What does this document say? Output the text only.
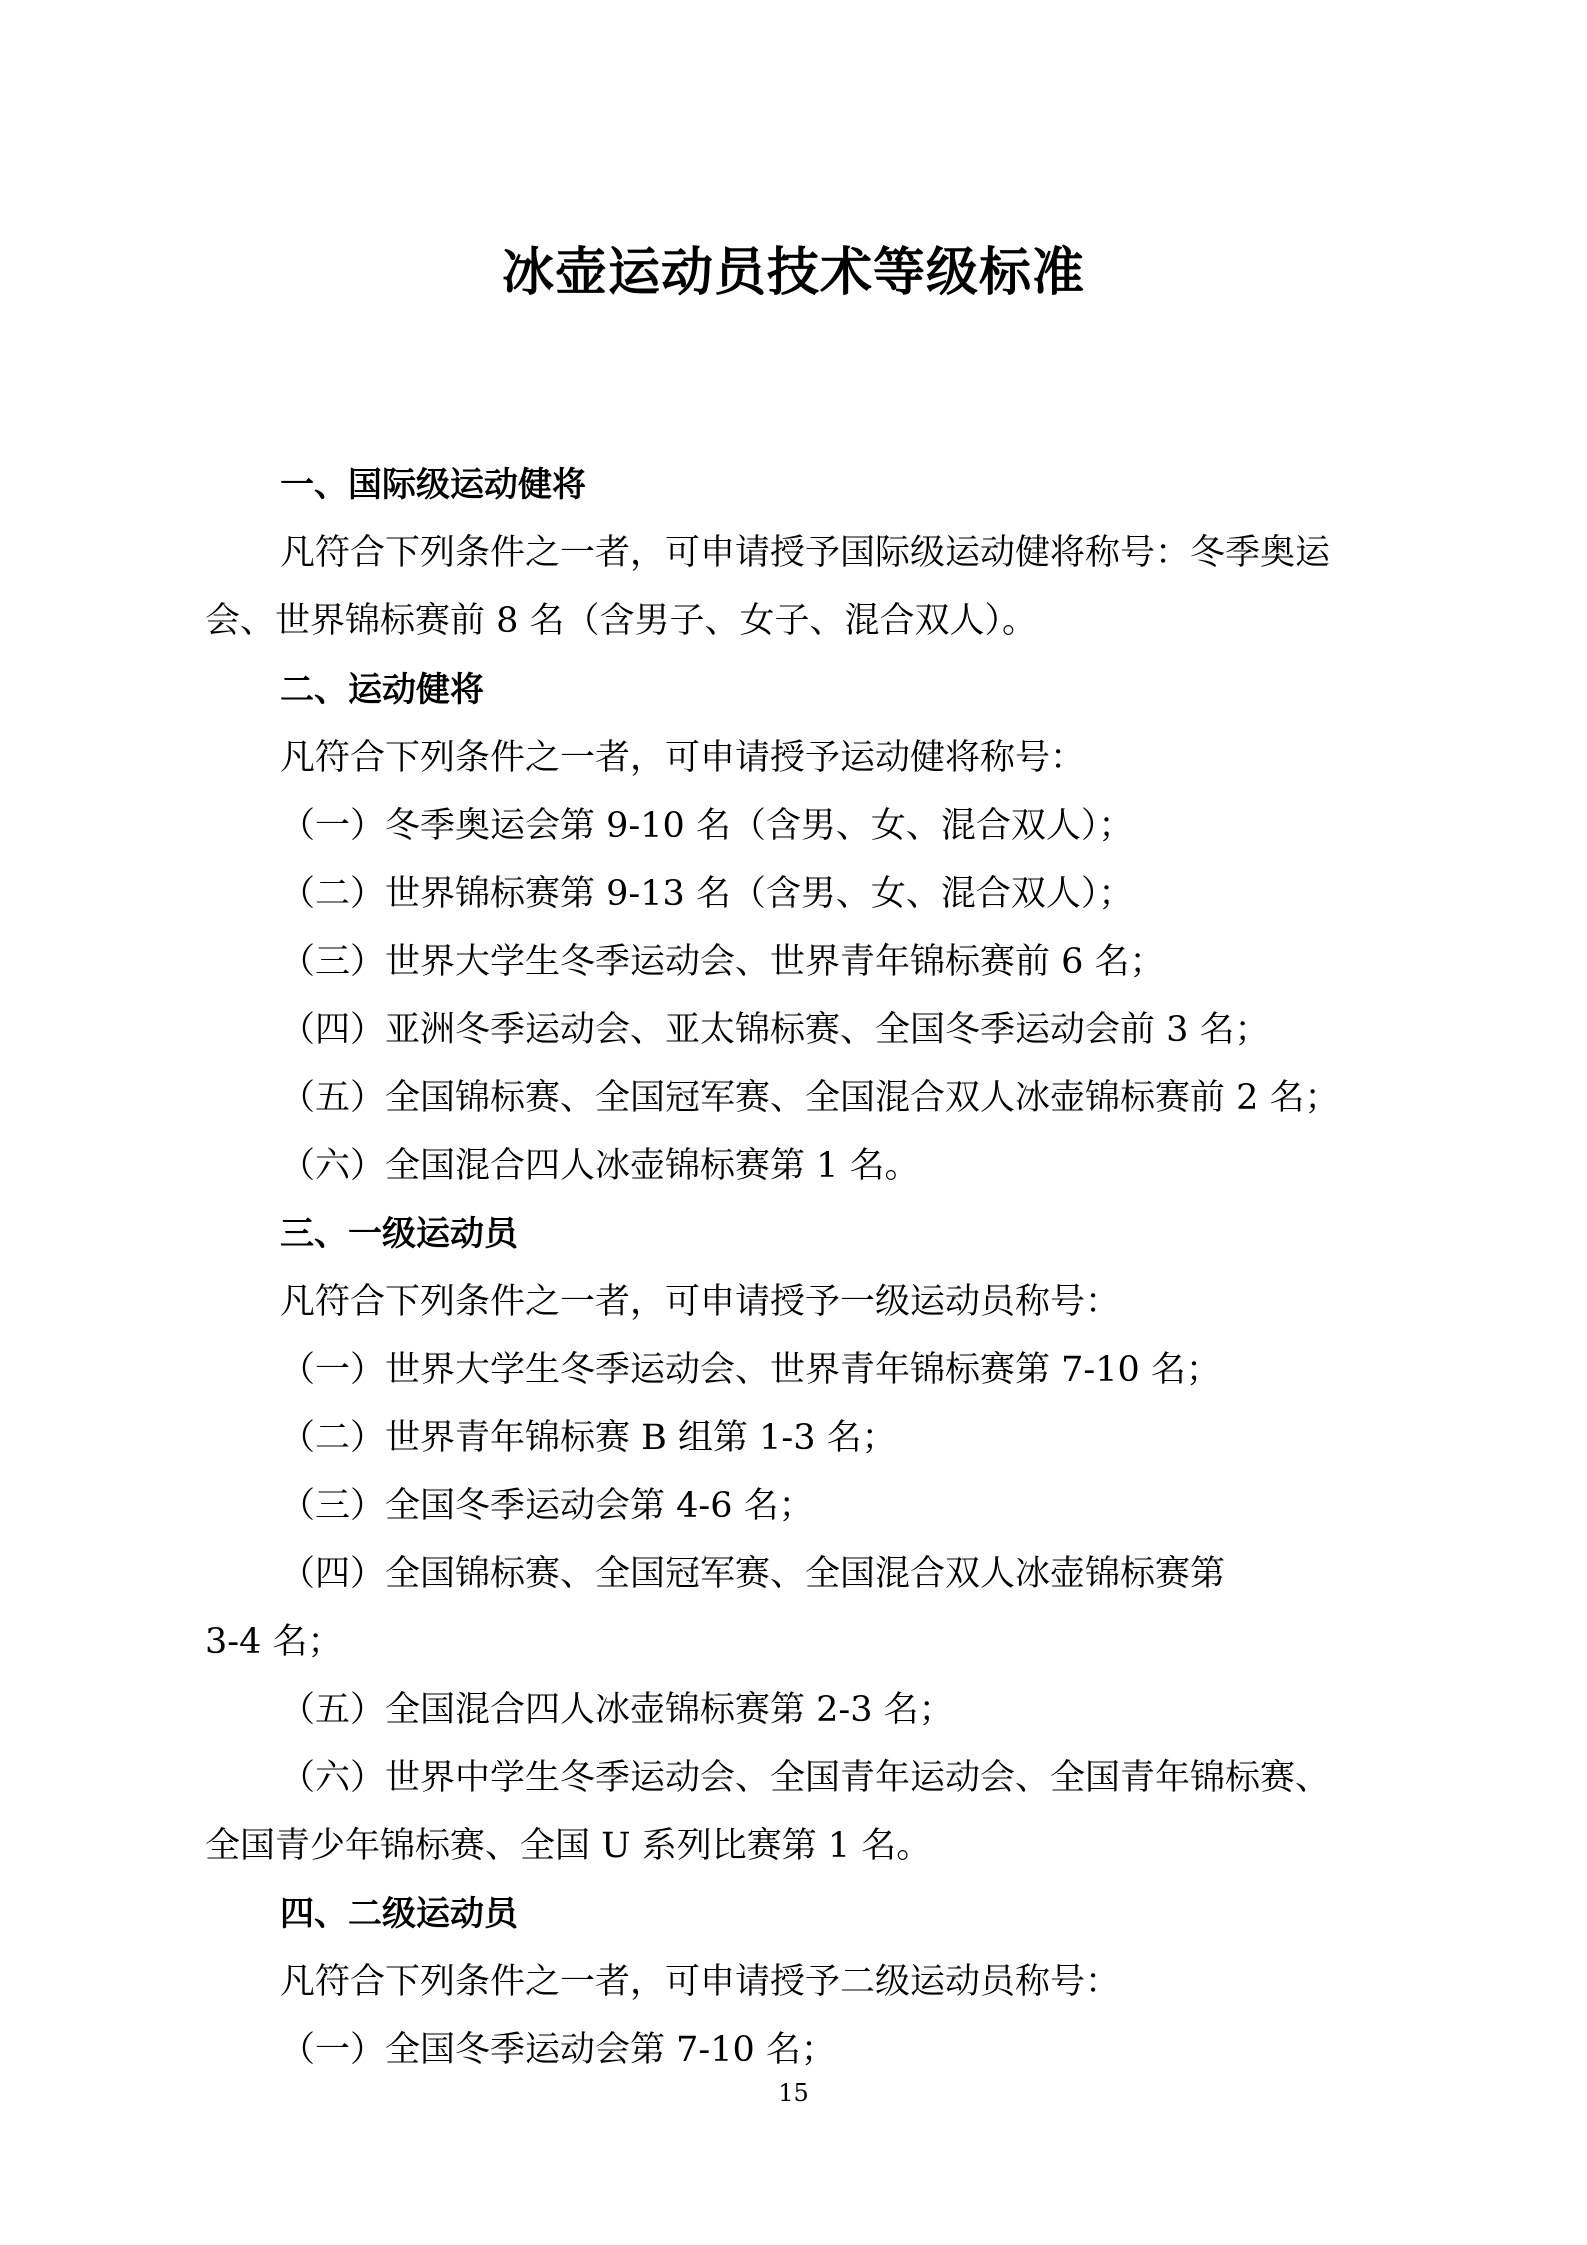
冰壶运动员技术等级标准
一、国际级运动健将
凡符合下列条件之一者，可申请授予国际级运动健将称号：冬季奥运
会、世界锦标赛前 8 名（含男子、女子、混合双人）。
二、运动健将
凡符合下列条件之一者，可申请授予运动健将称号：
（一）冬季奥运会第 9-10 名（含男、女、混合双人）；
（二）世界锦标赛第 9-13 名（含男、女、混合双人）；
（三）世界大学生冬季运动会、世界青年锦标赛前 6 名；
（四）亚洲冬季运动会、亚太锦标赛、全国冬季运动会前 3 名；
（五）全国锦标赛、全国冠军赛、全国混合双人冰壶锦标赛前 2 名；
（六）全国混合四人冰壶锦标赛第 1 名。
三、一级运动员
凡符合下列条件之一者，可申请授予一级运动员称号：
（一）世界大学生冬季运动会、世界青年锦标赛第 7-10 名；
（二）世界青年锦标赛 B 组第 1-3 名；
（三）全国冬季运动会第 4-6 名；
（四）全国锦标赛、全国冠军赛、全国混合双人冰壶锦标赛第
3-4 名；
（五）全国混合四人冰壶锦标赛第 2-3 名；
（六）世界中学生冬季运动会、全国青年运动会、全国青年锦标赛、
全国青少年锦标赛、全国 U 系列比赛第 1 名。
四、二级运动员
凡符合下列条件之一者，可申请授予二级运动员称号：
（一）全国冬季运动会第 7-10 名；
15
